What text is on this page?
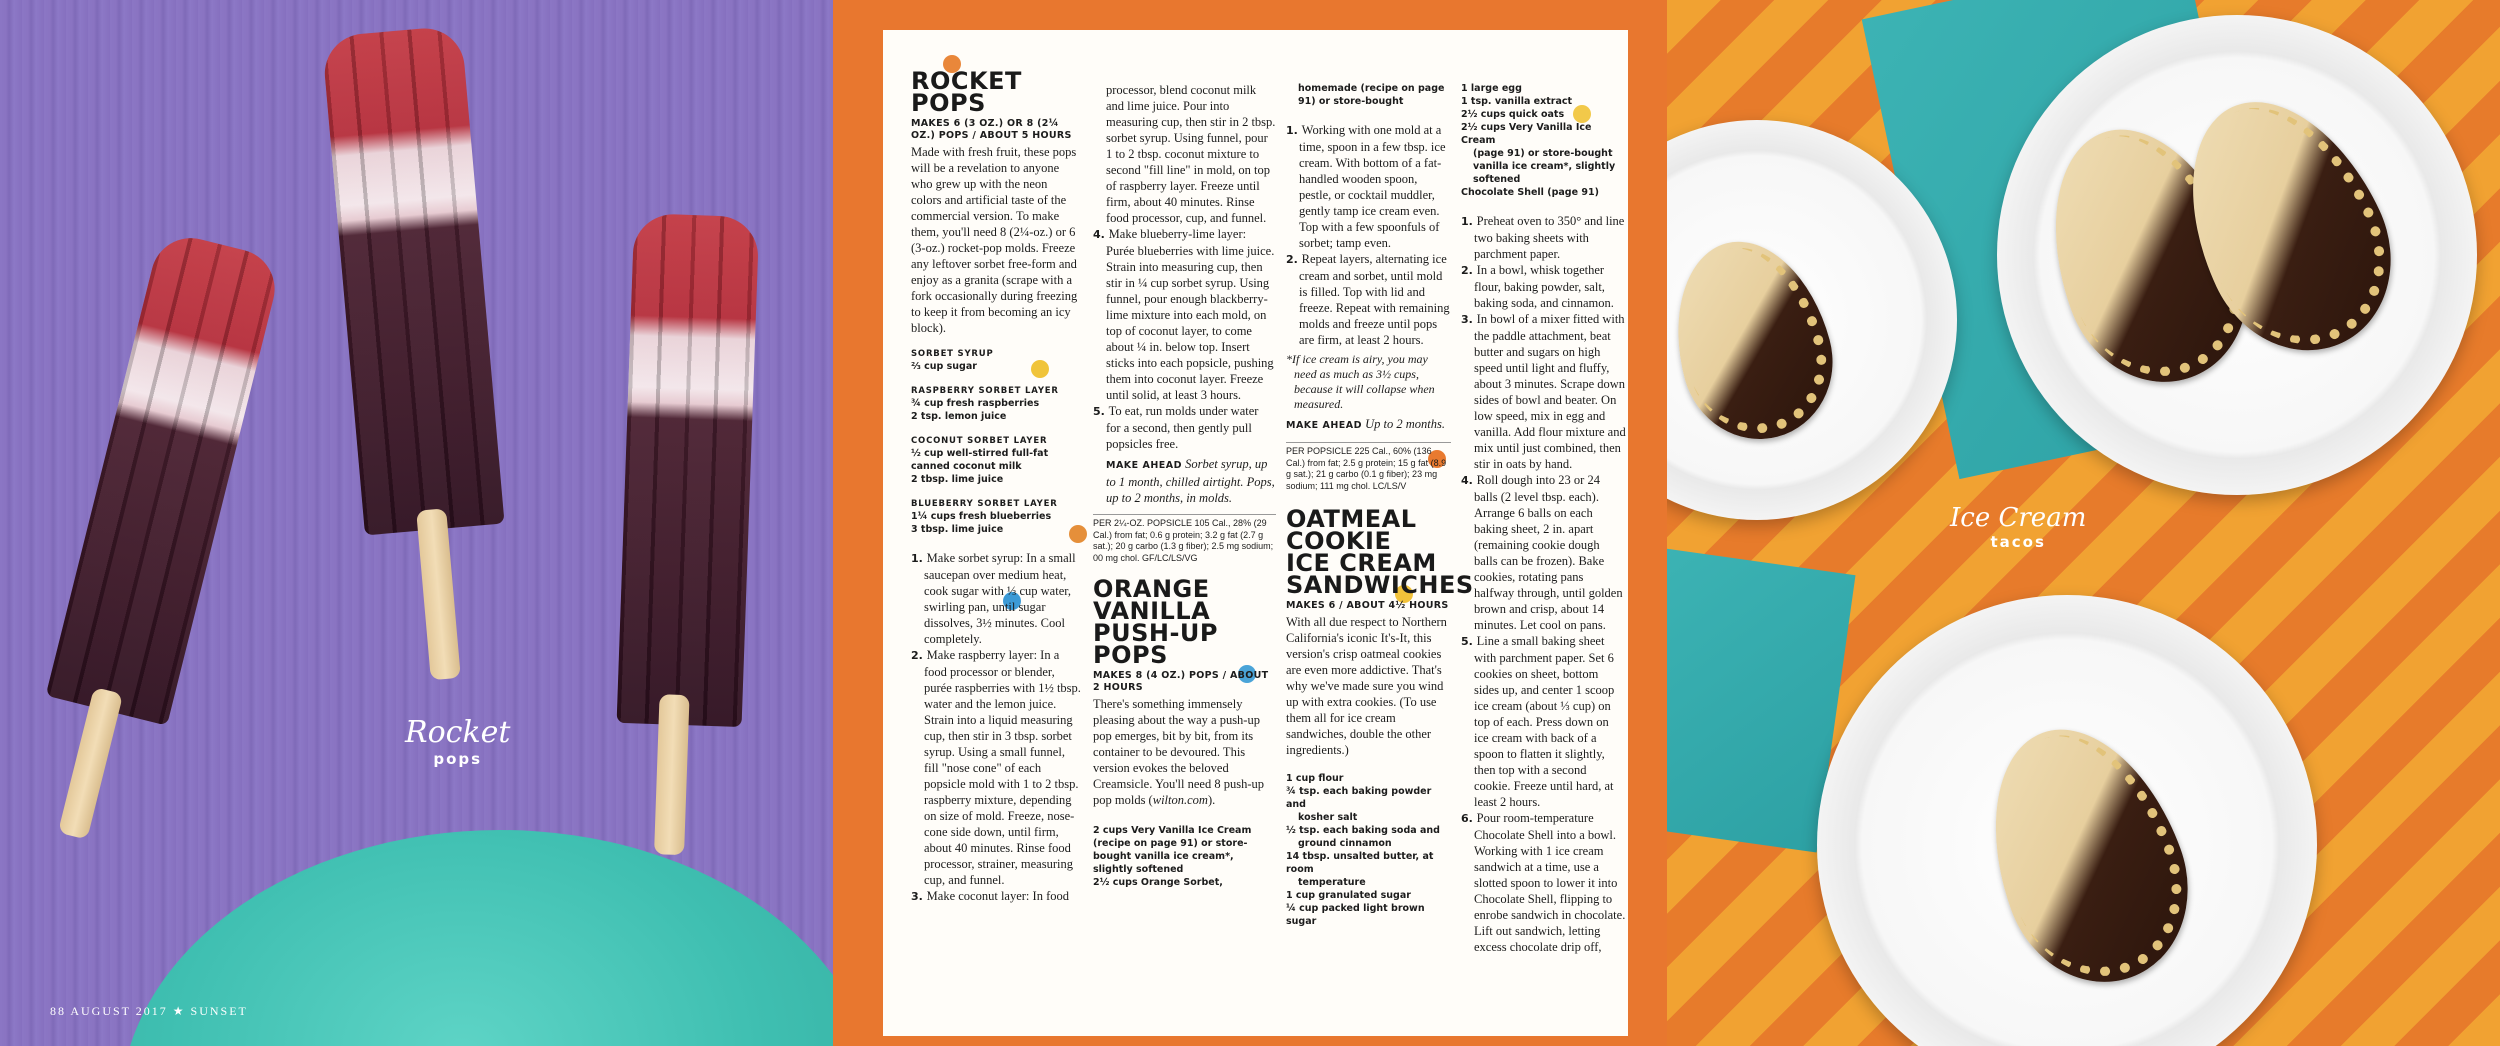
Rocket
pops
88 AUGUST 2017 ★ SUNSET
ROCKET POPS
MAKES 6 (3 OZ.) OR 8 (2¼ OZ.) POPS / ABOUT 5 HOURS

Made with fresh fruit, these pops will be a revelation to anyone who grew up with the neon colors and artificial taste of the commercial version. To make them, you'll need 8 (2¼-oz.) or 6 (3-oz.) rocket-pop molds. Freeze any leftover sorbet free-form and enjoy as a granita (scrape with a fork occasionally during freezing to keep it from becoming an icy block).

SORBET SYRUP
⅔ cup sugar
RASPBERRY SORBET LAYER
¾ cup fresh raspberries
2 tsp. lemon juice
COCONUT SORBET LAYER
½ cup well-stirred full-fat canned coconut milk
2 tbsp. lime juice
BLUEBERRY SORBET LAYER
1¼ cups fresh blueberries
3 tbsp. lime juice
1. Make sorbet syrup: In a small saucepan over medium heat, cook sugar with ⅓ cup water, swirling pan, until sugar dissolves, 3½ minutes. Cool completely.
2. Make raspberry layer: In a food processor or blender, purée raspberries with 1½ tbsp. water and the lemon juice. Strain into a liquid measuring cup, then stir in 3 tbsp. sorbet syrup. Using a small funnel, fill "nose cone" of each popsicle mold with 1 to 2 tbsp. raspberry mixture, depending on size of mold. Freeze, nose-cone side down, until firm, about 40 minutes. Rinse food processor, strainer, measuring cup, and funnel.
3. Make coconut layer: In food

processor, blend coconut milk and lime juice. Pour into measuring cup, then stir in 2 tbsp. sorbet syrup. Using funnel, pour 1 to 2 tbsp. coconut mixture to second "fill line" in mold, on top of raspberry layer. Freeze until firm, about 40 minutes. Rinse food processor, cup, and funnel.

4. Make blueberry-lime layer: Purée blueberries with lime juice. Strain into measuring cup, then stir in ¼ cup sorbet syrup. Using funnel, pour enough blackberry-lime mixture into each mold, on top of coconut layer, to come about ¼ in. below top. Insert sticks into each popsicle, pushing them into coconut layer. Freeze until solid, at least 3 hours.
5. To eat, run molds under water for a second, then gently pull popsicles free.

MAKE AHEAD Sorbet syrup, up to 1 month, chilled airtight. Pops, up to 2 months, in molds.

PER 2¼-OZ. POPSICLE 105 Cal., 28% (29 Cal.) from fat; 0.6 g protein; 3.2 g fat (2.7 g sat.); 20 g carbo (1.3 g fiber); 2.5 mg sodium; 00 mg chol. GF/LC/LS/VG
ORANGE
VANILLA
PUSH-UP
POPS
MAKES 8 (4 OZ.) POPS / ABOUT 2 HOURS

There's something immensely pleasing about the way a push-up pop emerges, bit by bit, from its container to be devoured. This version evokes the beloved Creamsicle. You'll need 8 push-up pop molds (wilton.com).

2 cups Very Vanilla Ice Cream (recipe on page 91) or store-bought vanilla ice cream*, slightly softened
2½ cups Orange Sorbet,
homemade (recipe on page 91) or store-bought
1. Working with one mold at a time, spoon in a few tbsp. ice cream. With bottom of a fat-handled wooden spoon, pestle, or cocktail muddler, gently tamp ice cream even. Top with a few spoonfuls of sorbet; tamp even.
2. Repeat layers, alternating ice cream and sorbet, until mold is filled. Top with lid and freeze. Repeat with remaining molds and freeze until pops are firm, at least 2 hours.

*If ice cream is airy, you may need as much as 3½ cups, because it will collapse when measured.

MAKE AHEAD Up to 2 months.

PER POPSICLE 225 Cal., 60% (136 Cal.) from fat; 2.5 g protein; 15 g fat (8.9 g sat.); 21 g carbo (0.1 g fiber); 23 mg sodium; 111 mg chol. LC/LS/V
OATMEAL
COOKIE
ICE CREAM
SANDWICHES
MAKES 6 / ABOUT 4½ HOURS

With all due respect to Northern California's iconic It's-It, this version's crisp oatmeal cookies are even more addictive. That's why we've made sure you wind up with extra cookies. (To use them all for ice cream sandwiches, double the other ingredients.)

1 cup flour
¾ tsp. each baking powder and
kosher salt
½ tsp. each baking soda and
ground cinnamon
14 tbsp. unsalted butter, at room
temperature
1 cup granulated sugar
¼ cup packed light brown sugar
1 large egg
1 tsp. vanilla extract
2½ cups quick oats
2½ cups Very Vanilla Ice Cream
(page 91) or store-bought
vanilla ice cream*, slightly
softened
Chocolate Shell (page 91)
1. Preheat oven to 350° and line two baking sheets with parchment paper.
2. In a bowl, whisk together flour, baking powder, salt, baking soda, and cinnamon.
3. In bowl of a mixer fitted with the paddle attachment, beat butter and sugars on high speed until light and fluffy, about 3 minutes. Scrape down sides of bowl and beater. On low speed, mix in egg and vanilla. Add flour mixture and mix until just combined, then stir in oats by hand.
4. Roll dough into 23 or 24 balls (2 level tbsp. each). Arrange 6 balls on each baking sheet, 2 in. apart (remaining cookie dough balls can be frozen). Bake cookies, rotating pans halfway through, until golden brown and crisp, about 14 minutes. Let cool on pans.
5. Line a small baking sheet with parchment paper. Set 6 cookies on sheet, bottom sides up, and center 1 scoop ice cream (about ⅓ cup) on top of each. Press down on ice cream with back of a spoon to flatten it slightly, then top with a second cookie. Freeze until hard, at least 2 hours.
6. Pour room-temperature Chocolate Shell into a bowl. Working with 1 ice cream sandwich at a time, use a slotted spoon to lower it into Chocolate Shell, flipping to enrobe sandwich in chocolate. Lift out sandwich, letting excess chocolate drip off,
Ice Cream
tacos
